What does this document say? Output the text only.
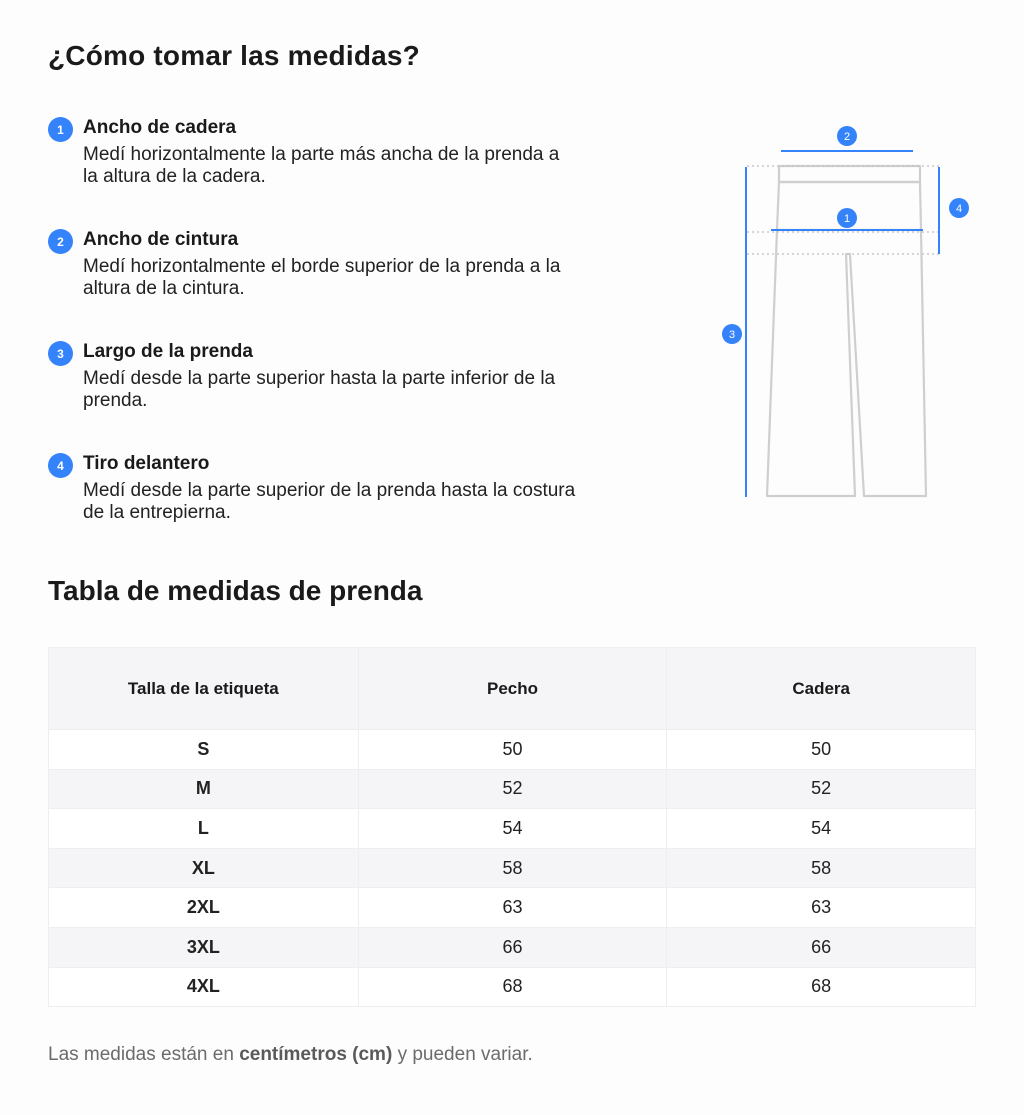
¿Cómo tomar las medidas?
1	Ancho de cadera
Medí horizontalmente la parte más ancha de la prenda a
la altura de la cadera.
2	Ancho de cintura
Medí horizontalmente el borde superior de la prenda a la
altura de la cintura.
3	Largo de la prenda
Medí desde la parte superior hasta la parte inferior de la
prenda.
4	Tiro delantero
Medí desde la parte superior de la prenda hasta la costura
de la entrepierna.
2
1
3
4
Tabla de medidas de prenda
Talla de la etiqueta	Pecho	Cadera
S	50	50
M	52	52
L	54	54
XL	58	58
2XL	63	63
3XL	66	66
4XL	68	68

Las medidas están en centímetros (cm) y pueden variar.
